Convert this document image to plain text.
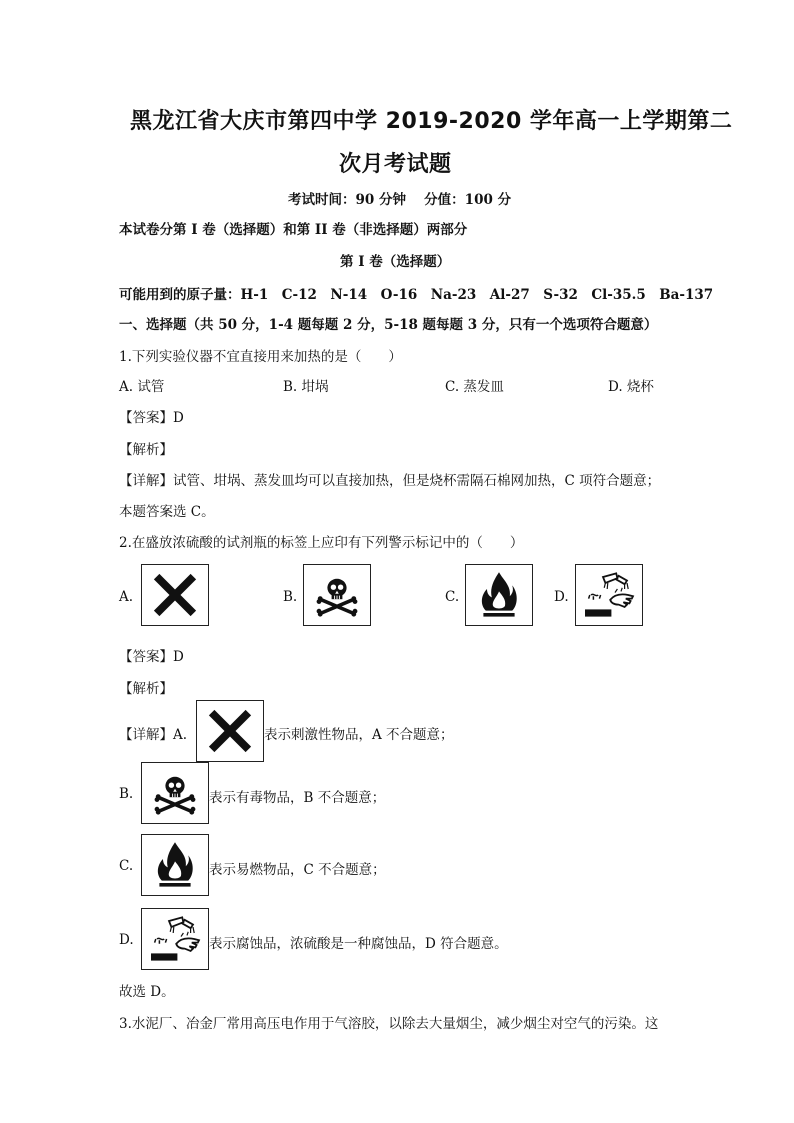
黑龙江省大庆市第四中学 2019-2020 学年高一上学期第二
次月考试题
考试时间：90 分钟　 分值：100 分
本试卷分第 I 卷（选择题）和第 II 卷（非选择题）两部分
第 I 卷（选择题）
可能用到的原子量：H-1　C-12　N-14　O-16　Na-23　Al-27　S-32　Cl-35.5　Ba-137
一、选择题（共 50 分，1-4 题每题 2 分，5-18 题每题 3 分，只有一个选项符合题意）
1.下列实验仪器不宜直接用来加热的是（　　）
A. 试管	B. 坩埚	C. 蒸发皿	D. 烧杯
【答案】D
【解析】
【详解】试管、坩埚、蒸发皿均可以直接加热，但是烧杯需隔石棉网加热，C 项符合题意；
本题答案选 C。
2.在盛放浓硫酸的试剂瓶的标签上应印有下列警示标记中的（　　）
A.	B.	C.	D.
【答案】D
【解析】
【详解】A.	表示刺激性物品，A 不合题意；
B.	表示有毒物品，B 不合题意；
C.	表示易燃物品，C 不合题意；
D.	表示腐蚀品，浓硫酸是一种腐蚀品，D 符合题意。
故选 D。
3.水泥厂、冶金厂常用高压电作用于气溶胶，以除去大量烟尘，减少烟尘对空气的污染。这
